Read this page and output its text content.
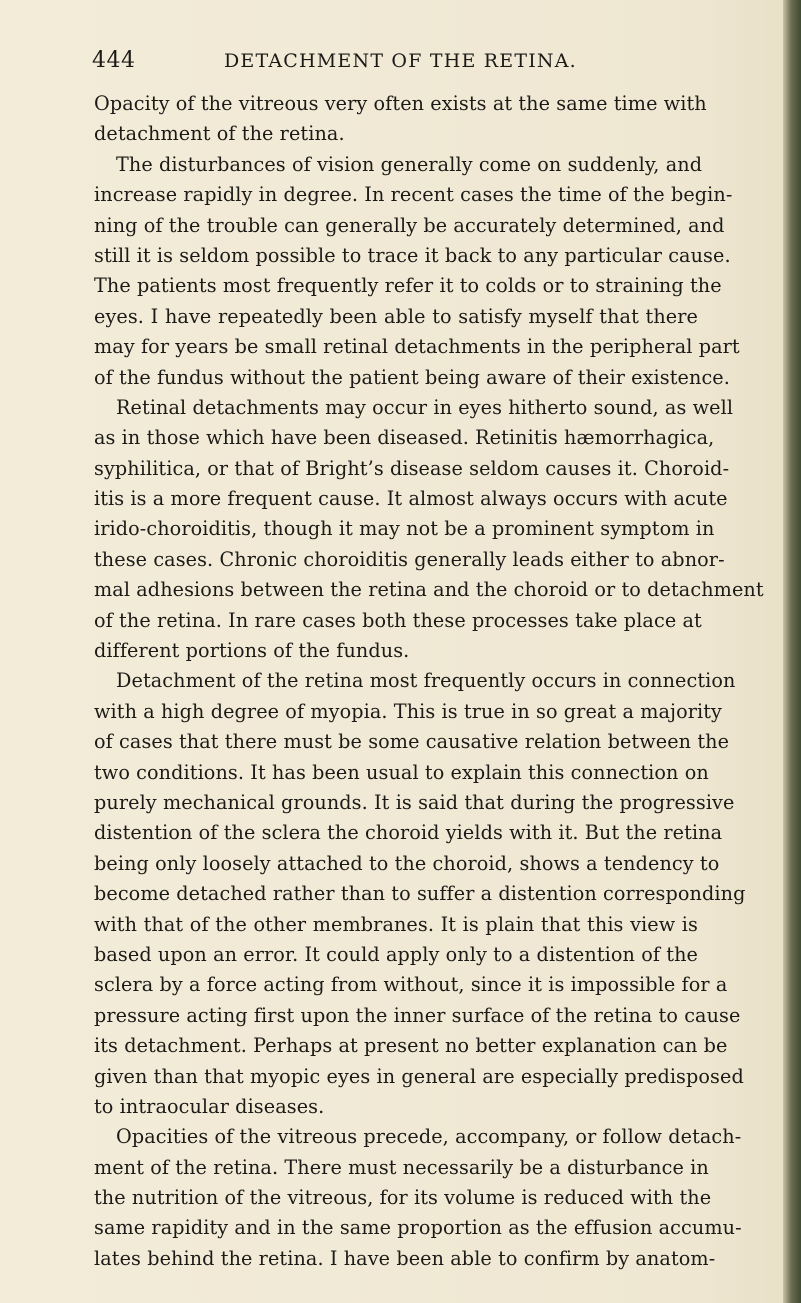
444	DETACHMENT OF THE RETINA.
Opacity of the vitreous very often exists at the same time with
detachment of the retina.
The disturbances of vision generally come on suddenly, and
increase rapidly in degree. In recent cases the time of the begin-
ning of the trouble can generally be accurately determined, and
still it is seldom possible to trace it back to any particular cause.
The patients most frequently refer it to colds or to straining the
eyes. I have repeatedly been able to satisfy myself that there
may for years be small retinal detachments in the peripheral part
of the fundus without the patient being aware of their existence.
Retinal detachments may occur in eyes hitherto sound, as well
as in those which have been diseased. Retinitis hæmorrhagica,
syphilitica, or that of Bright’s disease seldom causes it. Choroid-
itis is a more frequent cause. It almost always occurs with acute
irido-choroiditis, though it may not be a prominent symptom in
these cases. Chronic choroiditis generally leads either to abnor-
mal adhesions between the retina and the choroid or to detachment
of the retina. In rare cases both these processes take place at
different portions of the fundus.
Detachment of the retina most frequently occurs in connection
with a high degree of myopia. This is true in so great a majority
of cases that there must be some causative relation between the
two conditions. It has been usual to explain this connection on
purely mechanical grounds. It is said that during the progressive
distention of the sclera the choroid yields with it. But the retina
being only loosely attached to the choroid, shows a tendency to
become detached rather than to suffer a distention corresponding
with that of the other membranes. It is plain that this view is
based upon an error. It could apply only to a distention of the
sclera by a force acting from without, since it is impossible for a
pressure acting first upon the inner surface of the retina to cause
its detachment. Perhaps at present no better explanation can be
given than that myopic eyes in general are especially predisposed
to intraocular diseases.
Opacities of the vitreous precede, accompany, or follow detach-
ment of the retina. There must necessarily be a disturbance in
the nutrition of the vitreous, for its volume is reduced with the
same rapidity and in the same proportion as the effusion accumu-
lates behind the retina. I have been able to confirm by anatom-
